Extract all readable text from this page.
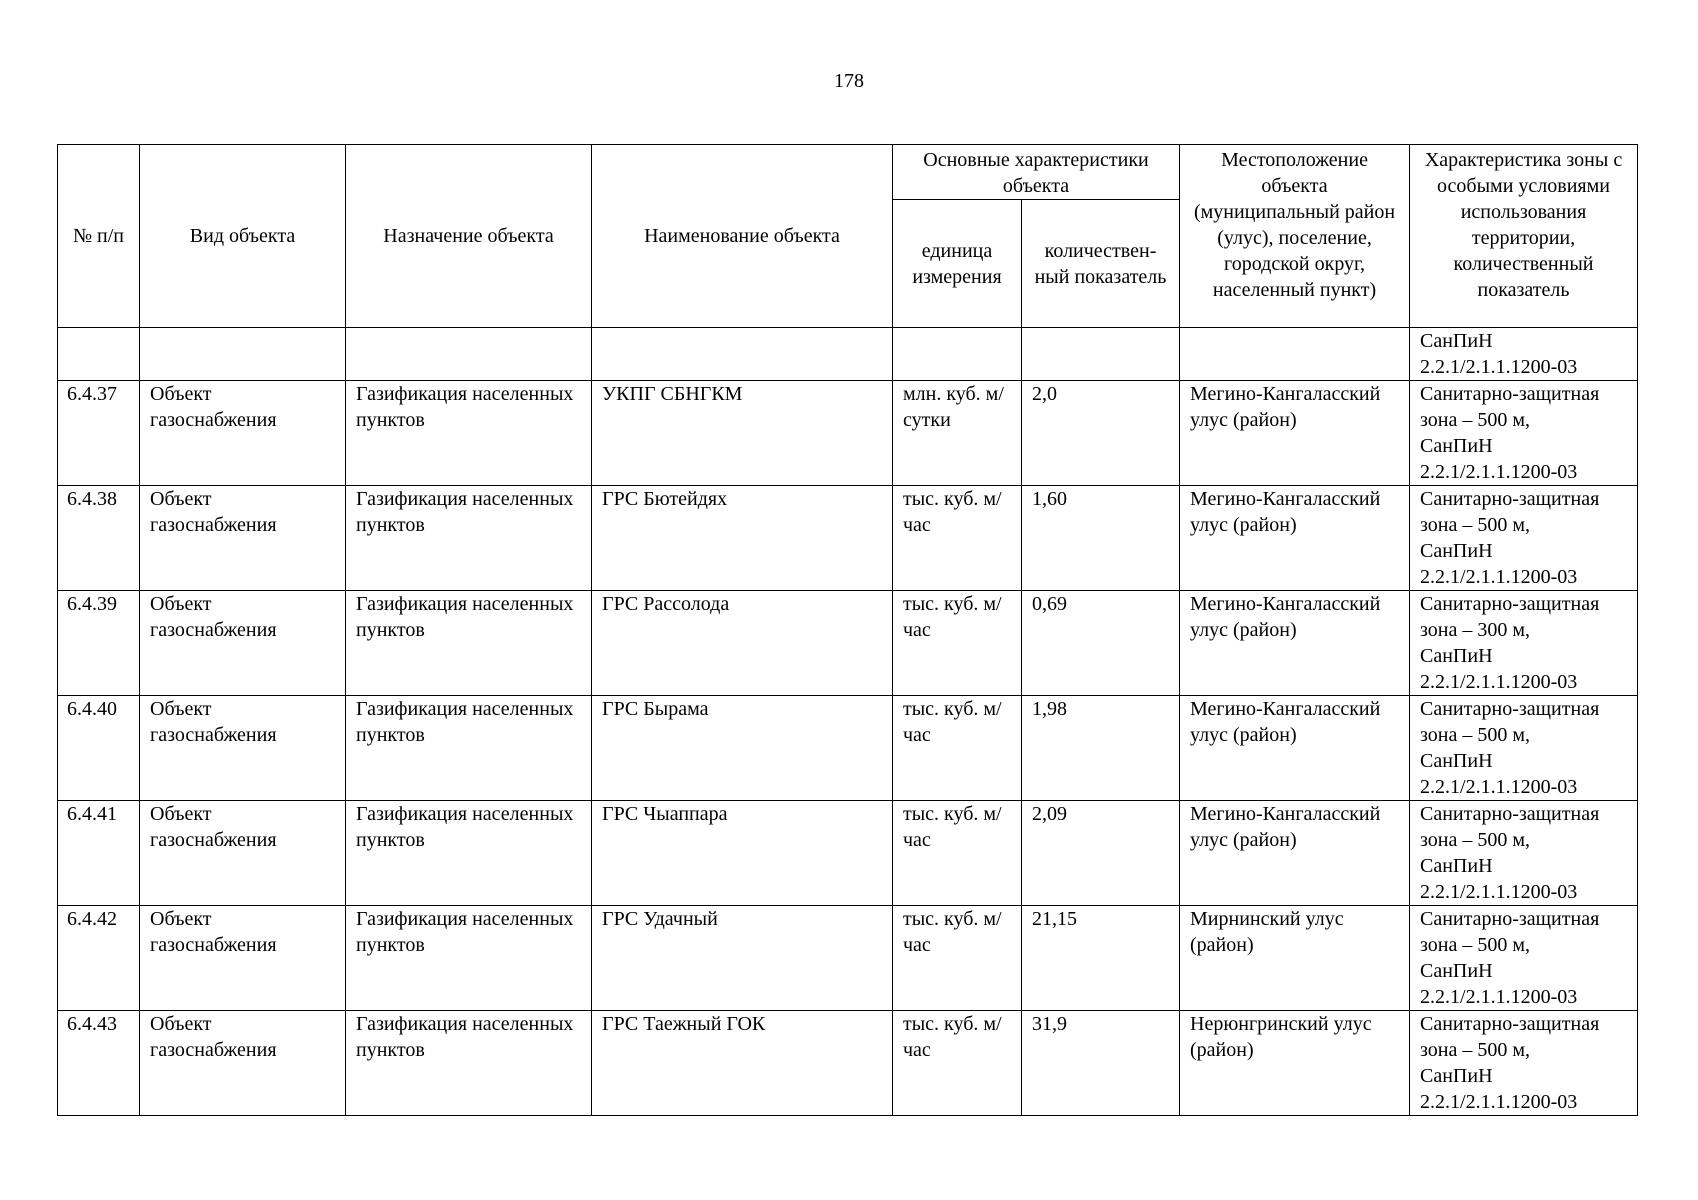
178
№ п/п	Вид объекта	Назначение объекта	Наименование объекта	Основные характеристики объекта		Местоположение объекта (муниципальный район (улус), поселение, городской округ, населенный пункт)	Характеристика зоны с особыми условиями использования территории, количественный показатель
				единица измерения	количествен-ный показатель		

							СанПиН
2.2.1/2.1.1.1200-03

6.4.37	Объект газоснабжения	Газификация населенных пунктов	УКПГ СБНГКМ	млн. куб. м/сутки	2,0	Мегино-Кангаласский улус (район)	Санитарно-защитная зона – 500 м,
СанПиН
2.2.1/2.1.1.1200-03

6.4.38	Объект газоснабжения	Газификация населенных пунктов	ГРС Бютейдях	тыс. куб. м/час	1,60	Мегино-Кангаласский улус (район)	Санитарно-защитная зона – 500 м,
СанПиН
2.2.1/2.1.1.1200-03

6.4.39	Объект газоснабжения	Газификация населенных пунктов	ГРС Рассолода	тыс. куб. м/час	0,69	Мегино-Кангаласский улус (район)	Санитарно-защитная зона – 300 м,
СанПиН
2.2.1/2.1.1.1200-03

6.4.40	Объект газоснабжения	Газификация населенных пунктов	ГРС Бырама	тыс. куб. м/час	1,98	Мегино-Кангаласский улус (район)	Санитарно-защитная зона – 500 м,
СанПиН
2.2.1/2.1.1.1200-03

6.4.41	Объект газоснабжения	Газификация населенных пунктов	ГРС Чыаппара	тыс. куб. м/час	2,09	Мегино-Кангаласский улус (район)	Санитарно-защитная зона – 500 м,
СанПиН
2.2.1/2.1.1.1200-03

6.4.42	Объект газоснабжения	Газификация населенных пунктов	ГРС Удачный	тыс. куб. м/час	21,15	Мирнинский улус (район)	Санитарно-защитная зона – 500 м,
СанПиН
2.2.1/2.1.1.1200-03

6.4.43	Объект газоснабжения	Газификация населенных пунктов	ГРС Таежный ГОК	тыс. куб. м/час	31,9	Нерюнгринский улус (район)	Санитарно-защитная зона – 500 м,
СанПиН
2.2.1/2.1.1.1200-03
